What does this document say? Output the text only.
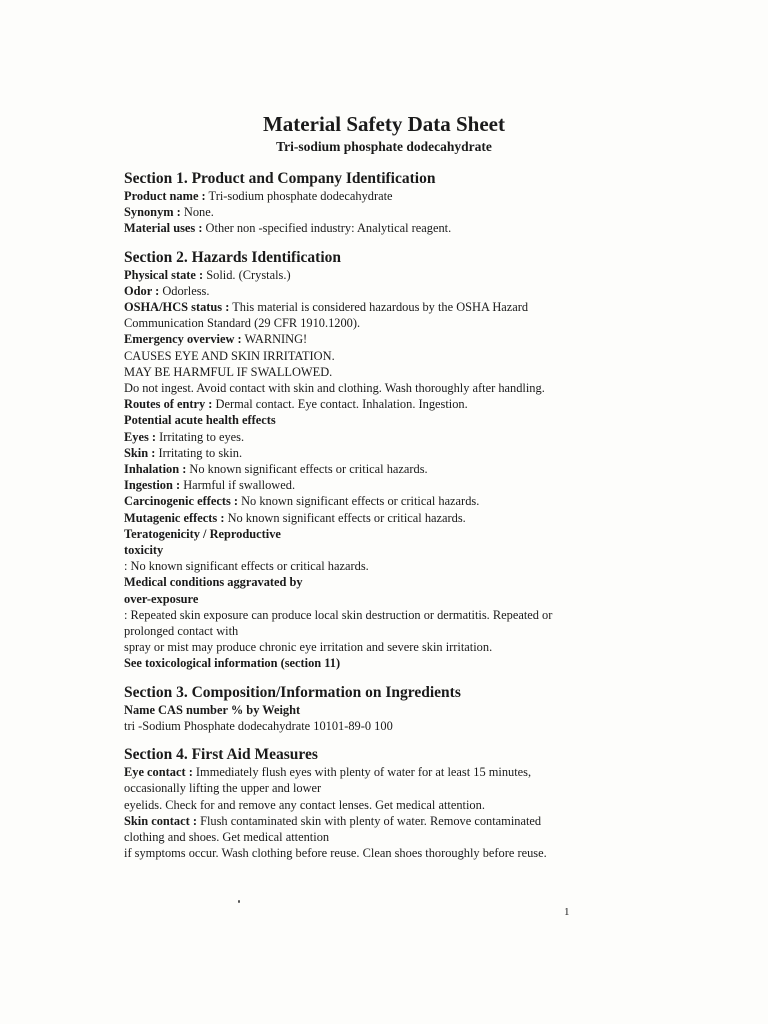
Material Safety Data Sheet

Tri-sodium phosphate dodecahydrate

Section 1. Product and Company Identification

Product name : Tri-sodium phosphate dodecahydrate

Synonym : None.

Material uses : Other non -specified industry: Analytical reagent.

Section 2. Hazards Identification

Physical state : Solid. (Crystals.)

Odor : Odorless.

OSHA/HCS status : This material is considered hazardous by the OSHA Hazard

Communication Standard (29 CFR 1910.1200).

Emergency overview : WARNING!

CAUSES EYE AND SKIN IRRITATION.

MAY BE HARMFUL IF SWALLOWED.

Do not ingest. Avoid contact with skin and clothing. Wash thoroughly after handling.

Routes of entry : Dermal contact. Eye contact. Inhalation. Ingestion.

Potential acute health effects

Eyes : Irritating to eyes.

Skin : Irritating to skin.

Inhalation : No known significant effects or critical hazards.

Ingestion : Harmful if swallowed.

Carcinogenic effects : No known significant effects or critical hazards.

Mutagenic effects : No known significant effects or critical hazards.

Teratogenicity / Reproductive

toxicity

: No known significant effects or critical hazards.

Medical conditions aggravated by

over-exposure

: Repeated skin exposure can produce local skin destruction or dermatitis. Repeated or

prolonged contact with

spray or mist may produce chronic eye irritation and severe skin irritation.

See toxicological information (section 11)

Section 3. Composition/Information on Ingredients

Name CAS number % by Weight

tri -Sodium Phosphate dodecahydrate 10101-89-0 100

Section 4. First Aid Measures

Eye contact : Immediately flush eyes with plenty of water for at least 15 minutes,

occasionally lifting the upper and lower

eyelids. Check for and remove any contact lenses. Get medical attention.

Skin contact : Flush contaminated skin with plenty of water. Remove contaminated

clothing and shoes. Get medical attention

if symptoms occur. Wash clothing before reuse. Clean shoes thoroughly before reuse.

1
